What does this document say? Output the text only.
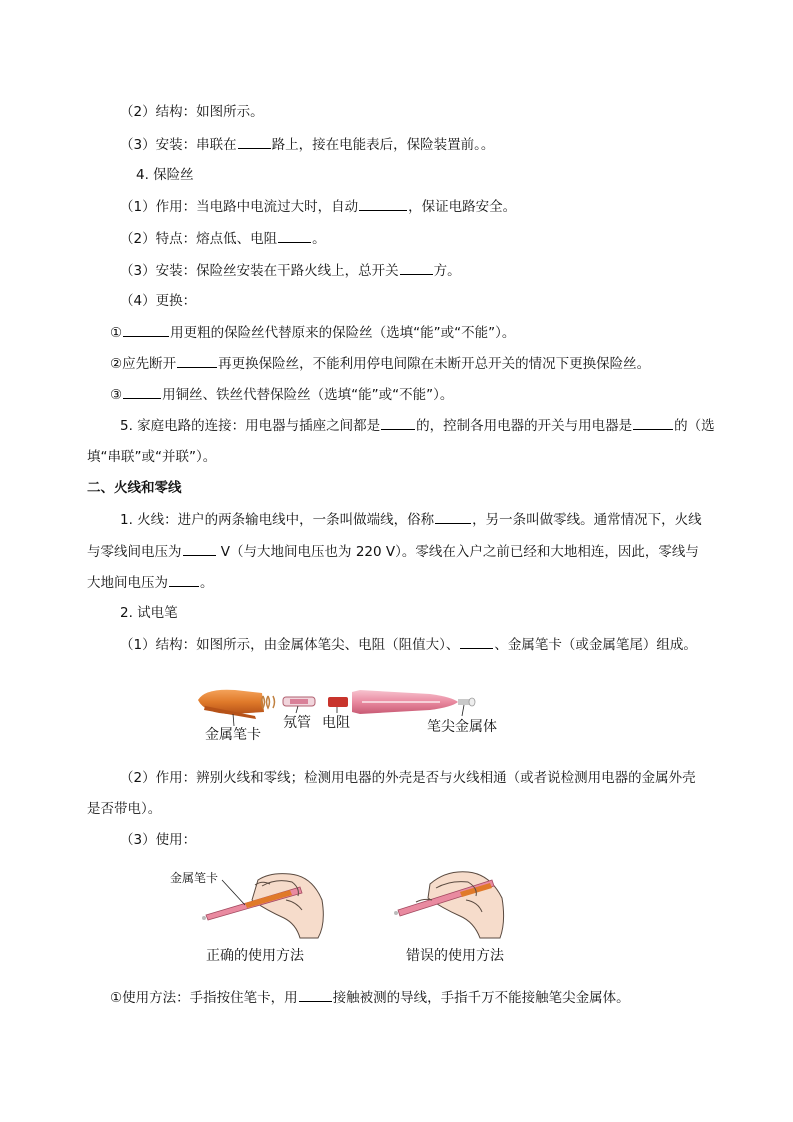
（2）结构：如图所示。
（3）安装：串联在	路上，接在电能表后，保险装置前。。
4. 保险丝
（1）作用：当电路中电流过大时，自动	，保证电路安全。
（2）特点：熔点低、电阻	。
（3）安装：保险丝安装在干路火线上，总开关	方。
（4）更换：
①	用更粗的保险丝代替原来的保险丝（选填“能”或“不能”）。
②应先断开	再更换保险丝，不能利用停电间隙在未断开总开关的情况下更换保险丝。
③	用铜丝、铁丝代替保险丝（选填“能”或“不能”）。
5. 家庭电路的连接：用电器与插座之间都是	的，控制各用电器的开关与用电器是	的（选
填“串联”或“并联”）。
二、火线和零线
1. 火线：进户的两条输电线中，一条叫做端线，俗称	，另一条叫做零线。通常情况下，火线
与零线间电压为	V（与大地间电压也为 220 V）。零线在入户之前已经和大地相连，因此，零线与
大地间电压为 。
2. 试电笔
（1）结构：如图所示，由金属体笔尖、电阻（阻值大）、	、金属笔卡（或金属笔尾）组成。
金属笔卡
氖管 电阻	笔尖金属体
（2）作用：辨别火线和零线；检测用电器的外壳是否与火线相通（或者说检测用电器的金属外壳
是否带电）。
（3）使用：
金属笔卡
正确的使用方法	错误的使用方法
①使用方法：手指按住笔卡，用	接触被测的导线，手指千万不能接触笔尖金属体。
